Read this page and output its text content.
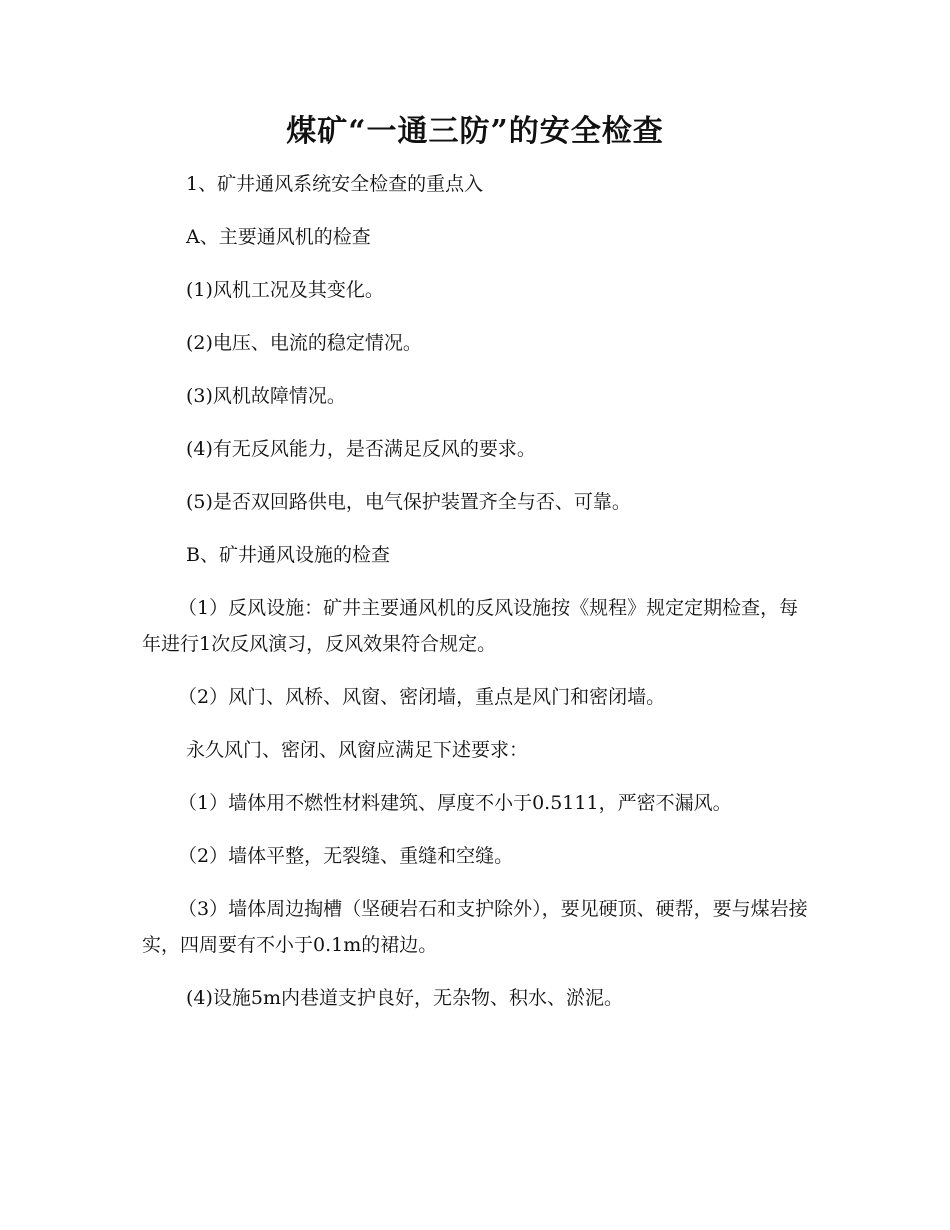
煤矿“一通三防”的安全检查

1、矿井通风系统安全检查的重点入

A、主要通风机的检查

(1)风机工况及其变化。

(2)电压、电流的稳定情况。

(3)风机故障情况。

(4)有无反风能力，是否满足反风的要求。

(5)是否双回路供电，电气保护装置齐全与否、可靠。

B、矿井通风设施的检查

（1）反风设施：矿井主要通风机的反风设施按《规程》规定定期检查，每年进行1次反风演习，反风效果符合规定。

（2）风门、风桥、风窗、密闭墙，重点是风门和密闭墙。

永久风门、密闭、风窗应满足下述要求：

（1）墙体用不燃性材料建筑、厚度不小于0.5111，严密不漏风。

（2）墙体平整，无裂缝、重缝和空缝。

（3）墙体周边掏槽（坚硬岩石和支护除外），要见硬顶、硬帮，要与煤岩接实，四周要有不小于0.1m的裙边。

(4)设施5m内巷道支护良好，无杂物、积水、淤泥。
